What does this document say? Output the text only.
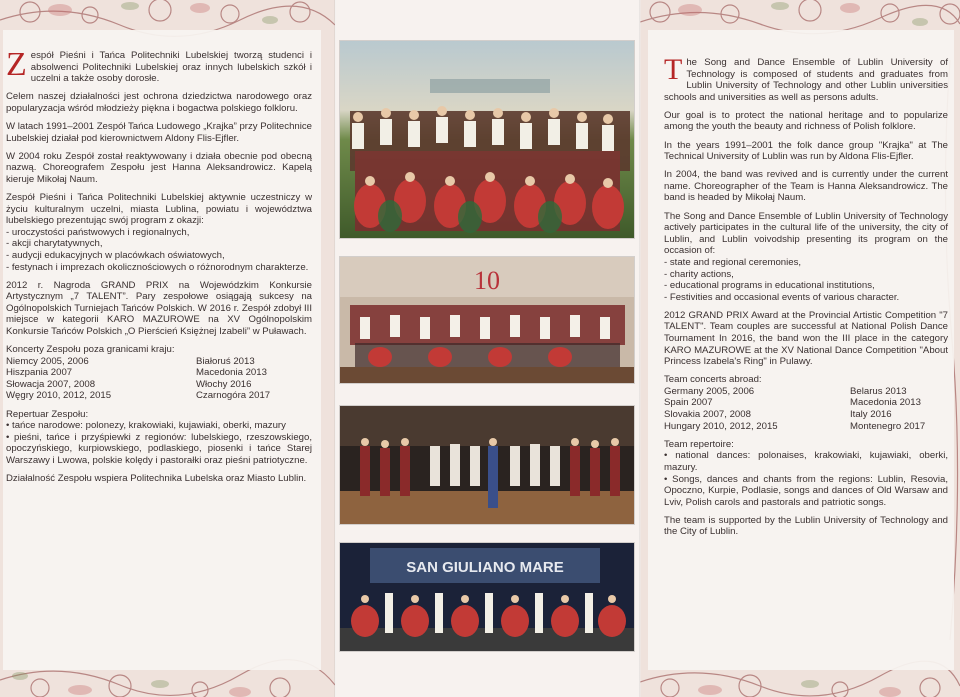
Zespół Pieśni i Tańca Politechniki Lubelskiej tworzą studenci i absolwenci Politechniki Lubelskiej oraz innych lubelskich szkół i uczelni a także osoby dorosłe.

Celem naszej działalności jest ochrona dziedzictwa narodowego oraz popularyzacja wśród młodzieży piękna i bogactwa polskiego folkloru.

W latach 1991–2001 Zespół Tańca Ludowego „Krajka” przy Politechnice Lubelskiej działał pod kierownictwem Aldony Flis-Ejfler.

W 2004 roku Zespół został reaktywowany i działa obecnie pod obecną nazwą. Choreografem Zespołu jest Hanna Aleksandrowicz. Kapelą kieruje Mikołaj Naum.

Zespół Pieśni i Tańca Politechniki Lubelskiej aktywnie uczestniczy w życiu kulturalnym uczelni, miasta Lublina, powiatu i województwa lubelskiego prezentując swój program z okazji:
- uroczystości państwowych i regionalnych,
- akcji charytatywnych,
- audycji edukacyjnych w placówkach oświatowych,
- festynach i imprezach okolicznościowych o różnorodnym charakterze.

2012 r. Nagroda GRAND PRIX na Wojewódzkim Konkursie Artystycznym „7 TALENT”. Pary zespołowe osiągają sukcesy na Ogólnopolskich Turniejach Tańców Polskich. W 2016 r. Zespół zdobył III miejsce w kategorii KARO MAZUROWE na XV Ogólnopolskim Konkursie Tańców Polskich „O Pierścień Księżnej Izabeli” w Puławach.

Koncerty Zespołu poza granicami kraju:
Niemcy 2005, 2006
Hiszpania 2007
Słowacja 2007, 2008
Węgry 2010, 2012, 2015
Białoruś 2013
Macedonia 2013
Włochy 2016
Czarnogóra 2017
Repertuar Zespołu:
• tańce narodowe: polonezy, krakowiaki, kujawiaki, oberki, mazury
• pieśni, tańce i przyśpiewki z regionów: lubelskiego, rzeszowskiego, opoczyńskiego, kurpiowskiego, podlaskiego, piosenki i tańce Starej Warszawy i Lwowa, polskie kolędy i pastorałki oraz pieśni patriotyczne.

Działalność Zespołu wspiera Politechnika Lubelska oraz Miasto Lublin.

10
SAN GIULIANO MARE

The Song and Dance Ensemble of Lublin University of Technology is composed of students and graduates from Lublin University of Technology and other Lublin universities schools and universities as well as persons adults.

Our goal is to protect the national heritage and to popularize among the youth the beauty and richness of Polish folklore.

In the years 1991–2001 the folk dance group "Krajka" at The Technical University of Lublin was run by Aldona Flis-Ejfler.

In 2004, the band was revived and is currently under the current name. Choreographer of the Team is Hanna Aleksandrowicz. The band is headed by Mikołaj Naum.

The Song and Dance Ensemble of Lublin University of Technology actively participates in the cultural life of the university, the city of Lublin, and Lublin voivodship presenting its program on the occasion of:
- state and regional ceremonies,
- charity actions,
- educational programs in educational institutions,
- Festivities and occasional events of various character.

2012 GRAND PRIX Award at the Provincial Artistic Competition "7 TALENT". Team couples are successful at National Polish Dance Tournament In 2016, the band won the III place in the category KARO MAZUROWE at the XV National Dance Competition "About Princess Izabela's Ring" in Pulawy.

Team concerts abroad:
Germany 2005, 2006
Spain 2007
Slovakia 2007, 2008
Hungary 2010, 2012, 2015
Belarus 2013
Macedonia 2013
Italy 2016
Montenegro 2017
Team repertoire:
• national dances: polonaises, krakowiaki, kujawiaki, oberki, mazury.
• Songs, dances and chants from the regions: Lublin, Resovia, Opoczno, Kurpie, Podlasie, songs and dances of Old Warsaw and Lviv, Polish carols and pastorals and patriotic songs.

The team is supported by the Lublin University of Technology and the City of Lublin.
